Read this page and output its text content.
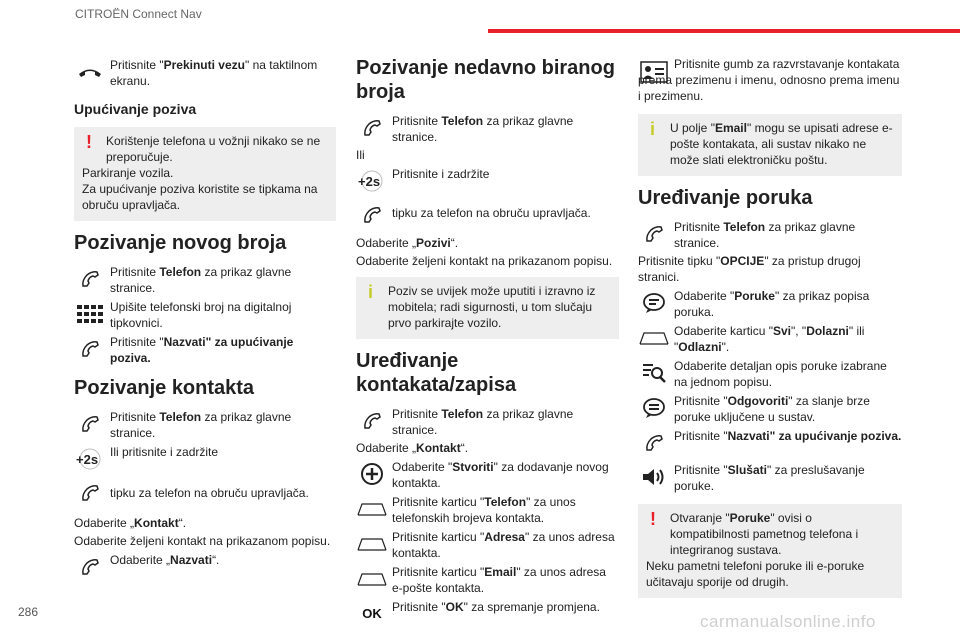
CITROËN Connect Nav
Pritisnite "Prekinuti vezu" na taktilnom ekranu.
Upućivanje poziva
!	Korištenje telefona u vožnji nikako se ne preporučuje.
Parkiranje vozila.
Za upućivanje poziva koristite se tipkama na obruču upravljača.
Pozivanje novog broja
Pritisnite Telefon za prikaz glavne stranice.
Upišite telefonski broj na digitalnoj tipkovnici.
Pritisnite "Nazvati" za upućivanje poziva.
Pozivanje kontakta
Pritisnite Telefon za prikaz glavne stranice.
+2s Ili pritisnite i zadržite
tipku za telefon na obruču upravljača.
Odaberite „Kontakt“.
Odaberite željeni kontakt na prikazanom popisu.
Odaberite „Nazvati“.
Pozivanje nedavno biranog broja
Pritisnite Telefon za prikaz glavne stranice.
Ili
+2s Pritisnite i zadržite
tipku za telefon na obruču upravljača.
Odaberite „Pozivi“.
Odaberite željeni kontakt na prikazanom popisu.
i	Poziv se uvijek može uputiti i izravno iz mobitela; radi sigurnosti, u tom slučaju prvo parkirajte vozilo.
Uređivanje kontakata/zapisa
Pritisnite Telefon za prikaz glavne stranice.
Odaberite „Kontakt“.
Odaberite "Stvoriti" za dodavanje novog kontakta.
Pritisnite karticu "Telefon" za unos telefonskih brojeva kontakta.
Pritisnite karticu "Adresa" za unos adresa kontakta.
Pritisnite karticu "Email" za unos adresa e-pošte kontakta.
OK Pritisnite "OK" za spremanje promjena.
Pritisnite gumb za razvrstavanje kontakata prema prezimenu i imenu, odnosno prema imenu i prezimenu.
i	U polje "Email" mogu se upisati adrese e-pošte kontakata, ali sustav nikako ne može slati elektroničku poštu.
Uređivanje poruka
Pritisnite Telefon za prikaz glavne stranice.
Pritisnite tipku "OPCIJE" za pristup drugoj stranici.
Odaberite "Poruke" za prikaz popisa poruka.
Odaberite karticu "Svi", "Dolazni" ili "Odlazni".
Odaberite detaljan opis poruke izabrane na jednom popisu.
Pritisnite "Odgovoriti" za slanje brze poruke uključene u sustav.
Pritisnite "Nazvati" za upućivanje poziva.
Pritisnite "Slušati" za preslušavanje poruke.
!	Otvaranje "Poruke" ovisi o kompatibilnosti pametnog telefona i integriranog sustava.
Neku pametni telefoni poruke ili e-poruke učitavaju sporije od drugih.
286	carmanualsonline.info
